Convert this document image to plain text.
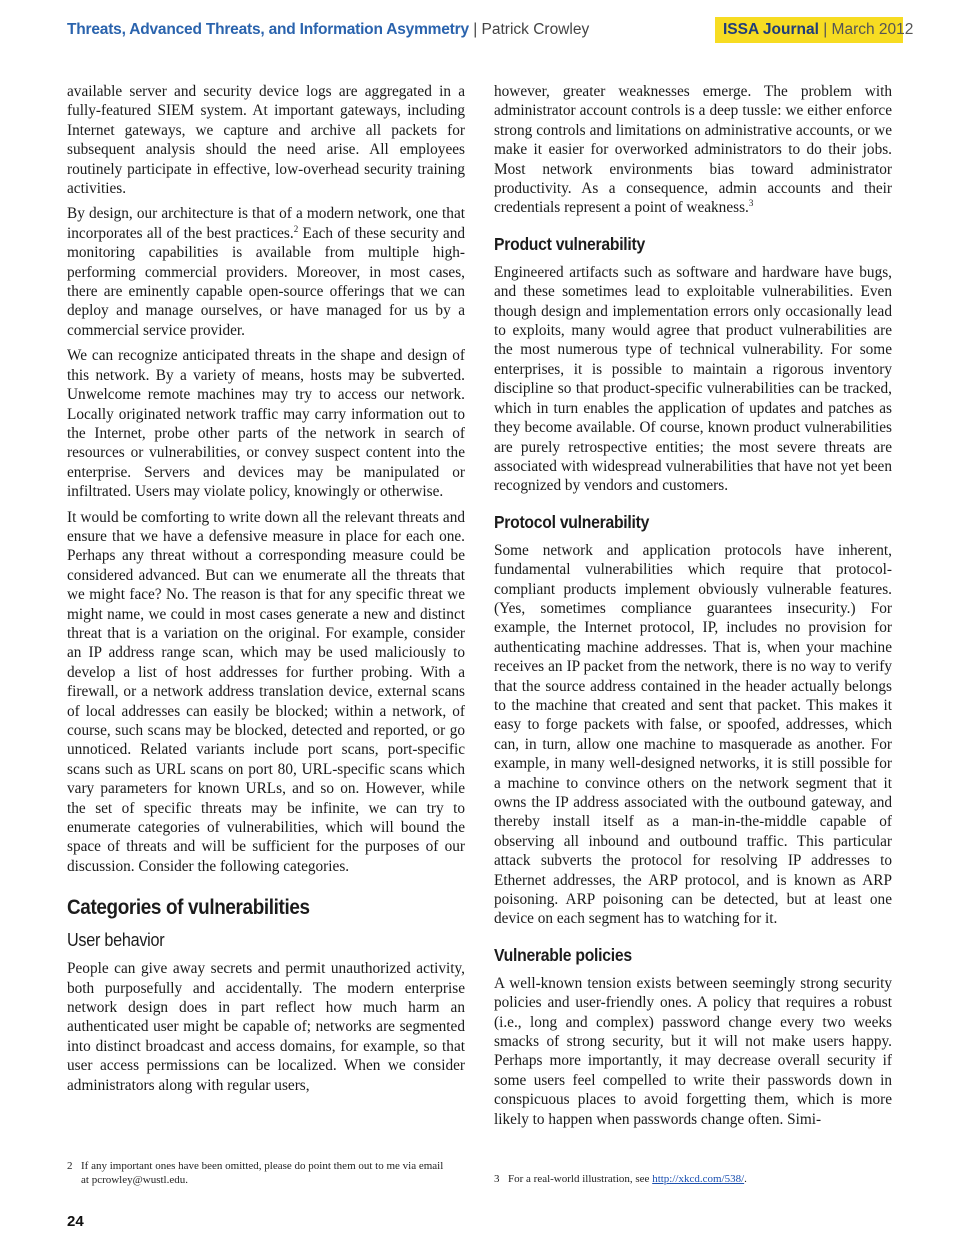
Threats, Advanced Threats, and Information Asymmetry | Patrick Crowley	ISSA Journal | March 2012

available server and security device logs are aggregated in a fully-featured SIEM system. At important gateways, including Internet gateways, we capture and archive all packets for subsequent analysis should the need arise. All employees routinely participate in effective, low-overhead security training activities.

By design, our architecture is that of a modern network, one that incorporates all of the best practices.$^2$ Each of these security and monitoring capabilities is available from multiple high-performing commercial providers. Moreover, in most cases, there are eminently capable open-source offerings that we can deploy and manage ourselves, or have managed for us by a commercial service provider.

We can recognize anticipated threats in the shape and design of this network. By a variety of means, hosts may be subverted. Unwelcome remote machines may try to access our network. Locally originated network traffic may carry information out to the Internet, probe other parts of the network in search of resources or vulnerabilities, or convey suspect content into the enterprise. Servers and devices may be manipulated or infiltrated. Users may violate policy, knowingly or otherwise.

It would be comforting to write down all the relevant threats and ensure that we have a defensive measure in place for each one. Perhaps any threat without a corresponding measure could be considered advanced. But can we enumerate all the threats that we might face? No. The reason is that for any specific threat we might name, we could in most cases generate a new and distinct threat that is a variation on the original. For example, consider an IP address range scan, which may be used maliciously to develop a list of host addresses for further probing. With a firewall, or a network address translation device, external scans of local addresses can easily be blocked; within a network, of course, such scans may be blocked, detected and reported, or go unnoticed. Related variants include port scans, port-specific scans such as URL scans on port 80, URL-specific scans which vary parameters for known URLs, and so on. However, while the set of specific threats may be infinite, we can try to enumerate categories of vulnerabilities, which will bound the space of threats and will be sufficient for the purposes of our discussion. Consider the following categories.

Categories of vulnerabilities
User behavior

People can give away secrets and permit unauthorized activity, both purposefully and accidentally. The modern enterprise network design does in part reflect how much harm an authenticated user might be capable of; networks are segmented into distinct broadcast and access domains, for example, so that user access permissions can be localized. When we consider administrators along with regular users,

however, greater weaknesses emerge. The problem with administrator account controls is a deep tussle: we either enforce strong controls and limitations on administrative accounts, or we make it easier for overworked administrators to do their jobs. Most network environments bias toward administrator productivity. As a consequence, admin accounts and their credentials represent a point of weakness.$^3$

Product vulnerability

Engineered artifacts such as software and hardware have bugs, and these sometimes lead to exploitable vulnerabilities. Even though design and implementation errors only occasionally lead to exploits, many would agree that product vulnerabilities are the most numerous type of technical vulnerability. For some enterprises, it is possible to maintain a rigorous inventory discipline so that product-specific vulnerabilities can be tracked, which in turn enables the application of updates and patches as they become available. Of course, known product vulnerabilities are purely retrospective entities; the most severe threats are associated with widespread vulnerabilities that have not yet been recognized by vendors and customers.

Protocol vulnerability

Some network and application protocols have inherent, fundamental vulnerabilities which require that protocol-compliant products implement obviously vulnerable features. (Yes, sometimes compliance guarantees insecurity.) For example, the Internet protocol, IP, includes no provision for authenticating machine addresses. That is, when your machine receives an IP packet from the network, there is no way to verify that the source address contained in the header actually belongs to the machine that created and sent that packet. This makes it easy to forge packets with false, or spoofed, addresses, which can, in turn, allow one machine to masquerade as another. For example, in many well-designed networks, it is still possible for a machine to convince others on the network segment that it owns the IP address associated with the outbound gateway, and thereby install itself as a man-in-the-middle capable of observing all inbound and outbound traffic. This particular attack subverts the protocol for resolving IP addresses to Ethernet addresses, the ARP protocol, and is known as ARP poisoning. ARP poisoning can be detected, but at least one device on each segment has to watching for it.

Vulnerable policies

A well-known tension exists between seemingly strong security policies and user-friendly ones. A policy that requires a robust (i.e., long and complex) password change every two weeks smacks of strong security, but it will not make users happy. Perhaps more importantly, it may decrease overall security if some users feel compelled to write their passwords down in conspicuous places to avoid forgetting them, which is more likely to happen when passwords change often. Simi-

2 If any important ones have been omitted, please do point them out to me via email
at pcrowley@wustl.edu.	3 For a real-world illustration, see http://xkcd.com/538/.
24
